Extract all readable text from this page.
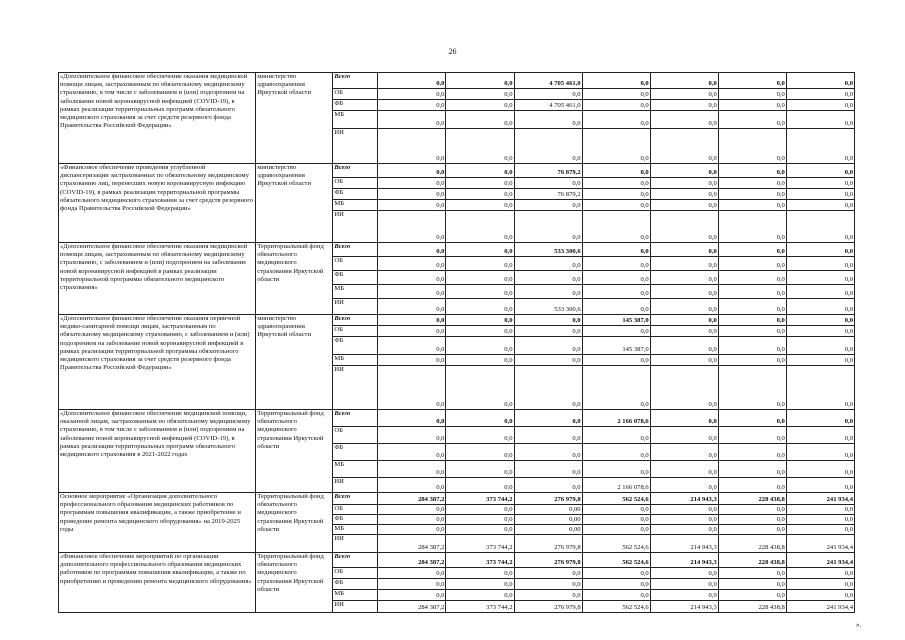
26
«Дополнительное финансовое обеспечение оказания медицинской помощи лицам, застрахованным по обязательному медицинскому страхованию, в том числе с заболеванием и (или) подозрением на заболевание новой коронавирусной инфекцией (COVID-19), в рамках реализации территориальных программ обязательного медицинского страхования за счет средств резервного фонда Правительства Российской Федерации»	министерство здравоохранения Иркутской области	Всего	0,0	0,0	4 705 461,0	0,0	0,0	0,0	0,0
		ОБ	0,0	0,0	0,0	0,0	0,0	0,0	0,0
		ФБ	0,0	0,0	4 705 461,0	0,0	0,0	0,0	0,0
		МБ	0,0	0,0	0,0	0,0	0,0	0,0	0,0
		ИИ	0,0	0,0	0,0	0,0	0,0	0,0	0,0
«Финансовое обеспечение проведения углубленной диспансеризации застрахованных по обязательному медицинскому страхованию лиц, перенесших новую коронавирусную инфекцию (COVID-19), в рамках реализации территориальной программы обязательного медицинского страхования за счет средств резервного фонда Правительства Российской Федерации»	министерство здравоохранения Иркутской области	Всего	0,0	0,0	76 879,2	0,0	0,0	0,0	0,0
		ОБ	0,0	0,0	0,0	0,0	0,0	0,0	0,0
		ФБ	0,0	0,0	76 879,2	0,0	0,0	0,0	0,0
		МБ	0,0	0,0	0,0	0,0	0,0	0,0	0,0
		ИИ	0,0	0,0	0,0	0,0	0,0	0,0	0,0
«Дополнительное финансовое обеспечение оказания медицинской помощи лицам, застрахованным по обязательному медицинскому страхованию, с заболеванием и (или) подозрением на заболевание новой коронавирусной инфекцией в рамках реализации территориальной программы обязательного медицинского страхования»	Территориальный фонд обязательного медицинского страхования Иркутской области	Всего	0,0	0,0	533 300,6	0,0	0,0	0,0	0,0
		ОБ	0,0	0,0	0,0	0,0	0,0	0,0	0,0
		ФБ	0,0	0,0	0,0	0,0	0,0	0,0	0,0
		МБ	0,0	0,0	0,0	0,0	0,0	0,0	0,0
		ИИ	0,0	0,0	533 300,6	0,0	0,0	0,0	0,0
«Дополнительное финансовое обеспечение оказания первичной медико-санитарной помощи лицам, застрахованным по обязательному медицинскому страхованию, с заболеванием и (или) подозрением на заболевание новой коронавирусной инфекцией в рамках реализации территориальной программы обязательного медицинского страхования за счет средств резервного фонда Правительства Российской Федерации»	министерство здравоохранения Иркутской области	Всего	0,0	0,0	0,0	145 387,0	0,0	0,0	0,0
		ОБ	0,0	0,0	0,0	0,0	0,0	0,0	0,0
		ФБ	0,0	0,0	0,0	145 387,0	0,0	0,0	0,0
		МБ	0,0	0,0	0,0	0,0	0,0	0,0	0,0
		ИИ	0,0	0,0	0,0	0,0	0,0	0,0	0,0
«Дополнительное финансовое обеспечение медицинской помощи, оказанной лицам, застрахованным по обязательному медицинскому страхованию, в том числе с заболеванием и (или) подозрением на заболевание новой коронавирусной инфекцией (COVID-19), в рамках реализации территориальных программ обязательного медицинского страхования в 2021-2022 годах	Территориальный фонд обязательного медицинского страхования Иркутской области	Всего	0,0	0,0	0,0	2 166 078,6	0,0	0,0	0,0
		ОБ	0,0	0,0	0,0	0,0	0,0	0,0	0,0
		ФБ	0,0	0,0	0,0	0,0	0,0	0,0	0,0
		МБ	0,0	0,0	0,0	0,0	0,0	0,0	0,0
		ИИ	0,0	0,0	0,0	2 166 078,6	0,0	0,0	0,0
Основное мероприятие «Организация дополнительного профессионального образования медицинских работников по программам повышения квалификации, а также приобретение и проведение ремонта медицинского оборудования» на 2019-2025 годы	Территориальный фонд обязательного медицинского страхования Иркутской области	Всего	284 387,2	373 744,2	276 979,8	562 524,6	214 943,3	228 438,8	241 934,4
		ОБ	0,0	0,0	0,00	0,0	0,0	0,0	0,0
		ФБ	0,0	0,0	0,00	0,0	0,0	0,0	0,0
		МБ	0,0	0,0	0,00	0,0	0,0	0,0	0,0
		ИИ	284 387,2	373 744,2	276 979,8	562 524,6	214 943,3	228 438,8	241 934,4
«Финансовое обеспечение мероприятий по организации дополнительного профессионального образования медицинских работников по программам повышения квалификации, а также по приобретению и проведению ремонта медицинского оборудования»	Территориальный фонд обязательного медицинского страхования Иркутской области	Всего	284 387,2	373 744,2	276 979,8	562 524,6	214 943,3	228 438,8	241 934,4
		ОБ	0,0	0,0	0,0	0,0	0,0	0,0	0,0
		ФБ	0,0	0,0	0,0	0,0	0,0	0,0	0,0
		МБ	0,0	0,0	0,0	0,0	0,0	0,0	0,0
		ИИ	284 387,2	373 744,2	276 979,8	562 524,6	214 943,3	228 438,8	241 934,4
».
